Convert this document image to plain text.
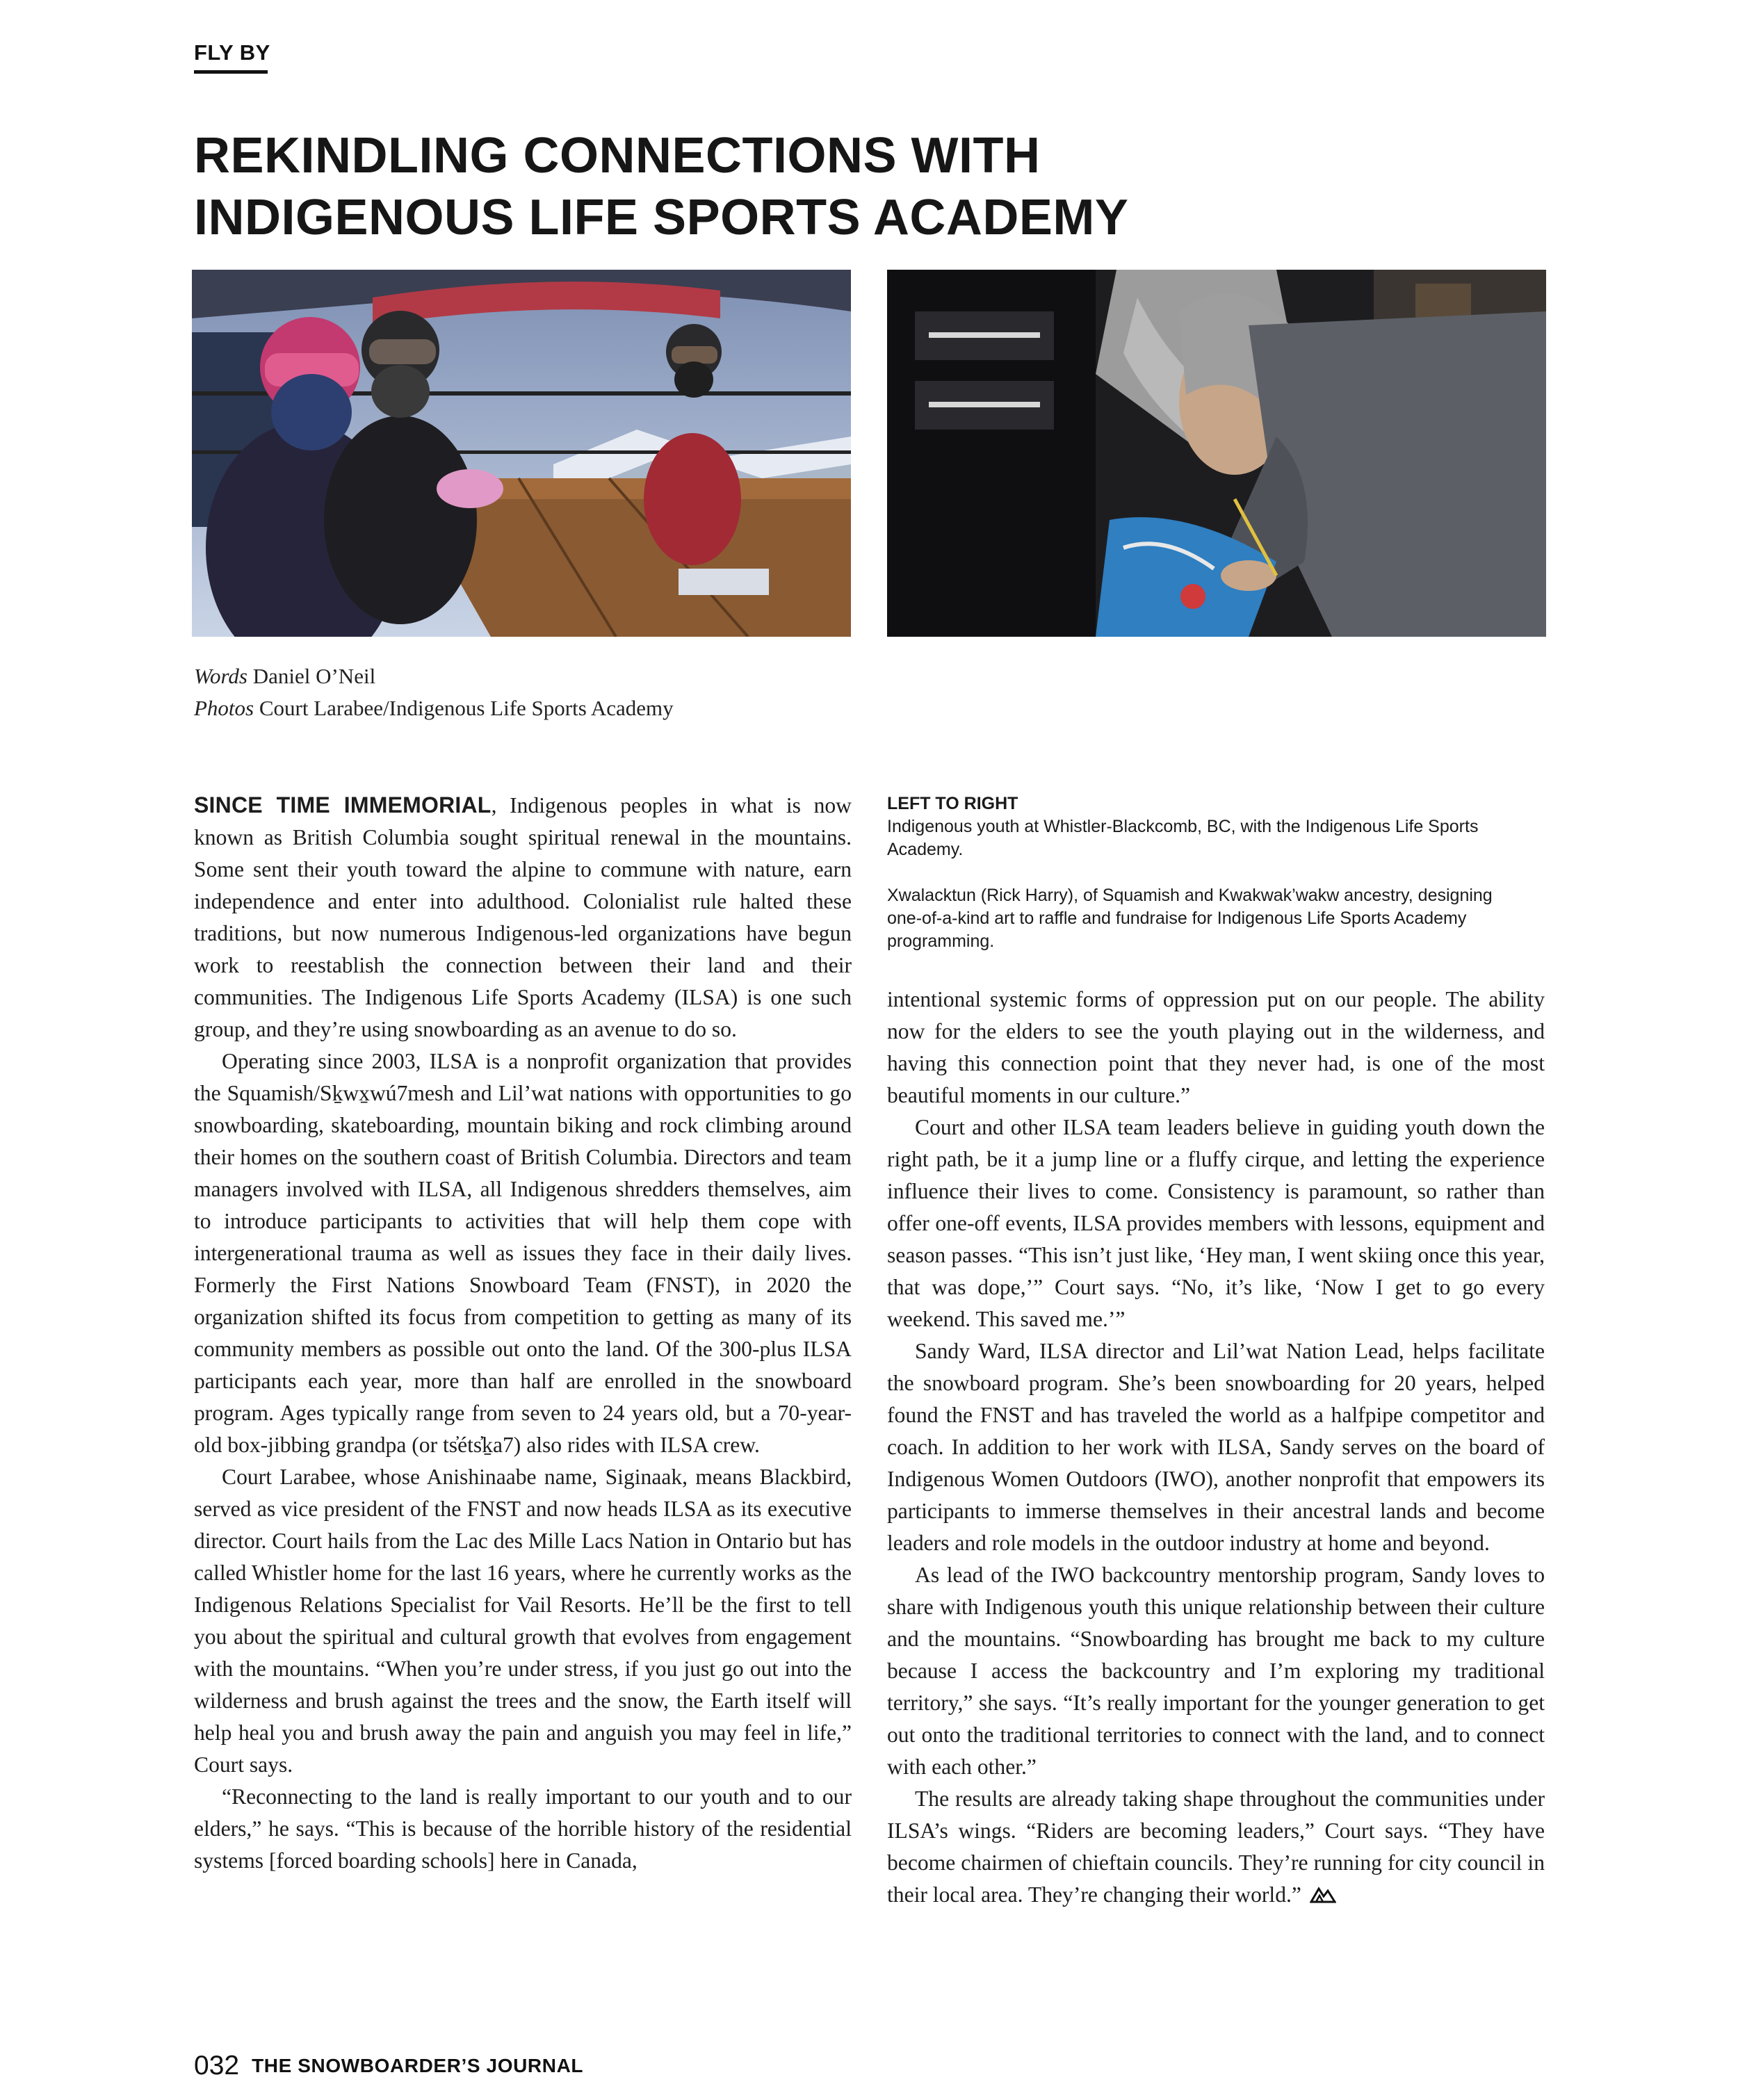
FLY BY
REKINDLING CONNECTIONS WITH
INDIGENOUS LIFE SPORTS ACADEMY
Words Daniel O’Neil
Photos Court Larabee/Indigenous Life Sports Academy
LEFT TO RIGHT
Indigenous youth at Whistler-Blackcomb, BC, with the Indigenous Life Sports Academy.
Xwalacktun (Rick Harry), of Squamish and Kwakwak’wakw ancestry, designing one-of-a-kind art to raffle and fundraise for Indigenous Life Sports Academy programming.

SINCE TIME IMMEMORIAL, Indigenous peoples in what is now known as British Columbia sought spiritual renewal in the mountains. Some sent their youth toward the alpine to commune with nature, earn independence and enter into adulthood. Colonialist rule halted these traditions, but now numerous Indigenous-led organizations have begun work to reestablish the connection between their land and their communities. The Indigenous Life Sports Academy (ILSA) is one such group, and they’re using snowboarding as an avenue to do so.

Operating since 2003, ILSA is a nonprofit organization that provides the Squamish/Sḵwx̱wú7mesh and Lil’wat nations with opportunities to go snowboarding, skateboarding, mountain biking and rock climbing around their homes on the southern coast of British Columbia. Directors and team managers involved with ILSA, all Indigenous shredders themselves, aim to introduce participants to activities that will help them cope with intergenerational trauma as well as issues they face in their daily lives. Formerly the First Nations Snowboard Team (FNST), in 2020 the organization shifted its focus from competition to getting as many of its community members as possible out onto the land. Of the 300-plus ILSA participants each year, more than half are enrolled in the snowboard program. Ages typically range from seven to 24 years old, but a 70-year-old box-jibbing grandpa (or ts̓éts̓ḵa7) also rides with ILSA crew.

Court Larabee, whose Anishinaabe name, Siginaak, means Blackbird, served as vice president of the FNST and now heads ILSA as its executive director. Court hails from the Lac des Mille Lacs Nation in Ontario but has called Whistler home for the last 16 years, where he currently works as the Indigenous Relations Specialist for Vail Resorts. He’ll be the first to tell you about the spiritual and cultural growth that evolves from engagement with the mountains. “When you’re under stress, if you just go out into the wilderness and brush against the trees and the snow, the Earth itself will help heal you and brush away the pain and anguish you may feel in life,” Court says.

“Reconnecting to the land is really important to our youth and to our elders,” he says. “This is because of the horrible history of the residential systems [forced boarding schools] here in Canada,

intentional systemic forms of oppression put on our people. The ability now for the elders to see the youth playing out in the wilderness, and having this connection point that they never had, is one of the most beautiful moments in our culture.”

Court and other ILSA team leaders believe in guiding youth down the right path, be it a jump line or a fluffy cirque, and letting the experience influence their lives to come. Consistency is paramount, so rather than offer one-off events, ILSA provides members with lessons, equipment and season passes. “This isn’t just like, ‘Hey man, I went skiing once this year, that was dope,’” Court says. “No, it’s like, ‘Now I get to go every weekend. This saved me.’”

Sandy Ward, ILSA director and Lil’wat Nation Lead, helps facilitate the snowboard program. She’s been snowboarding for 20 years, helped found the FNST and has traveled the world as a halfpipe competitor and coach. In addition to her work with ILSA, Sandy serves on the board of Indigenous Women Outdoors (IWO), another nonprofit that empowers its participants to immerse themselves in their ancestral lands and become leaders and role models in the outdoor industry at home and beyond.

As lead of the IWO backcountry mentorship program, Sandy loves to share with Indigenous youth this unique relationship between their culture and the mountains. “Snowboarding has brought me back to my culture because I access the backcountry and I’m exploring my traditional territory,” she says. “It’s really important for the younger generation to get out onto the traditional territories to connect with the land, and to connect with each other.”

The results are already taking shape throughout the communities under ILSA’s wings. “Riders are becoming leaders,” Court says. “They have become chairmen of chieftain councils. They’re running for city council in their local area. They’re changing their world.”

032 THE SNOWBOARDER’S JOURNAL
